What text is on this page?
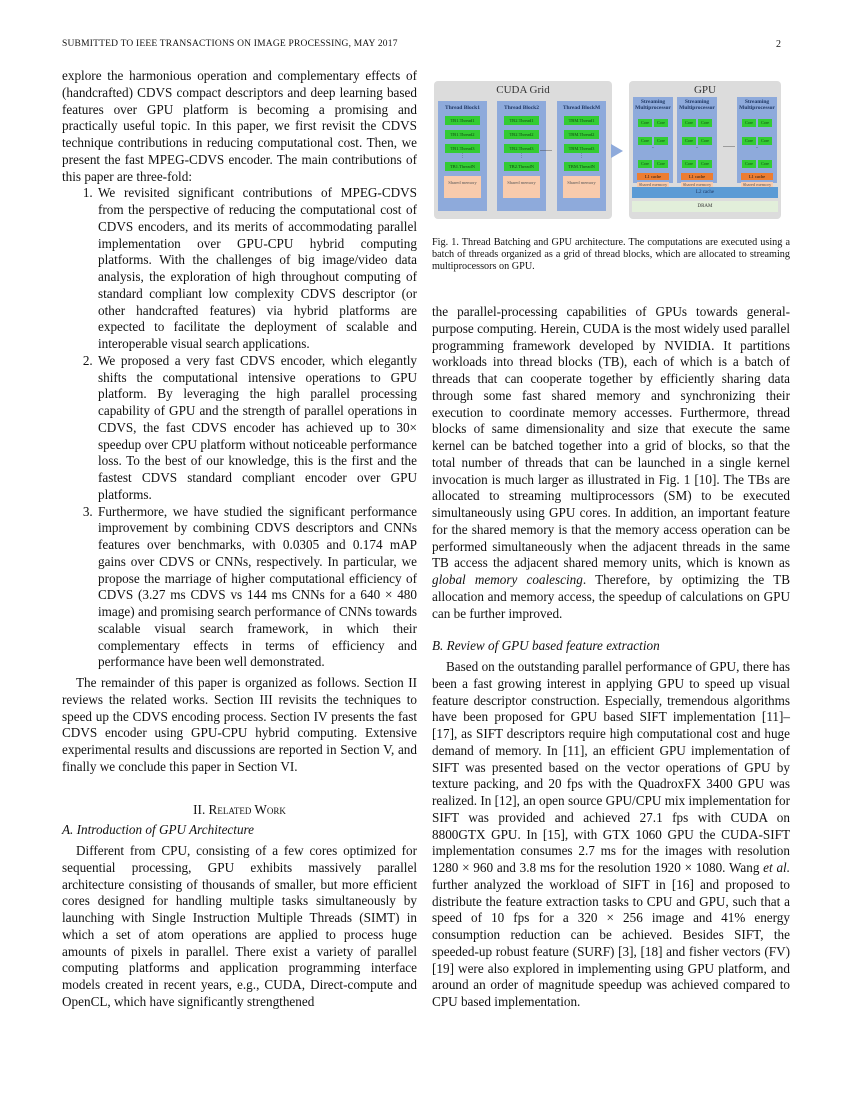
SUBMITTED TO IEEE TRANSACTIONS ON IMAGE PROCESSING, MAY 2017	2

explore the harmonious operation and complementary effects of (handcrafted) CDVS compact descriptors and deep learning based features over GPU platform is becoming a promising and practically useful topic. In this paper, we first revisit the CDVS technique contributions in reducing computational cost. Then, we present the fast MPEG-CDVS encoder. The main contributions of this paper are three-fold:

1. We revisited significant contributions of MPEG-CDVS from the perspective of reducing the computational cost of CDVS encoders, and its merits of accommodating parallel implementation over GPU-CPU hybrid computing platforms. With the challenges of big image/video data analysis, the exploration of high throughout computing of standard compliant low complexity CDVS descriptor (or other handcrafted features) via hybrid platforms are expected to facilitate the deployment of scalable and interoperable visual search applications.
2. We proposed a very fast CDVS encoder, which elegantly shifts the computational intensive operations to GPU platform. By leveraging the high parallel processing capability of GPU and the strength of parallel operations in CDVS, the fast CDVS encoder has achieved up to 30× speedup over CPU platform without noticeable performance loss. To the best of our knowledge, this is the first and the fastest CDVS standard compliant encoder over GPU platforms.
3. Furthermore, we have studied the significant performance improvement by combining CDVS descriptors and CNNs features over benchmarks, with 0.0305 and 0.174 mAP gains over CDVS or CNNs, respectively. In particular, we propose the marriage of higher computational efficiency of CDVS (3.27 ms CDVS vs 144 ms CNNs for a 640 × 480 image) and promising search performance of CNNs towards scalable visual search framework, in which their complementary effects in terms of efficiency and performance have been well demonstrated.

The remainder of this paper is organized as follows. Section II reviews the related works. Section III revisits the techniques to speed up the CDVS encoding process. Section IV presents the fast CDVS encoder using GPU-CPU hybrid computing. Extensive experimental results and discussions are reported in Section V, and finally we conclude this paper in Section VI.

II. Related Work
A. Introduction of GPU Architecture

Different from CPU, consisting of a few cores optimized for sequential processing, GPU exhibits massively parallel architecture consisting of thousands of smaller, but more efficient cores designed for handling multiple tasks simultaneously by launching with Single Instruction Multiple Threads (SIMT) in which a set of atom operations are applied to process huge amounts of pixels in parallel. There exist a variety of parallel computing platforms and application programming interface models created in recent years, e.g., CUDA, Direct-compute and OpenCL, which have significantly strengthened

CUDA Grid
Thread Block1
TB1.Thread1
TB1.Thread2
TB1.Thread3
⋮
TB1.ThreadN
Shared memory
Thread Block2
TB2.Thread1
TB2.Thread2
TB2.Thread3
⋮
TB2.ThreadN
Shared memory
Thread BlockM
TBM.Thread1
TBM.Thread2
TBM.Thread3
⋮
TBM.ThreadN
Shared memory
......
GPU
Streaming Multiprocessor
Core CoreCore Core
-
Core Core
L1 cache
Shared memory
Streaming Multiprocessor
Core CoreCore Core
-
Core Core
L1 cache
Shared memory
Streaming Multiprocessor
Core CoreCore Core
-
Core Core
L1 cache
Shared memory
......
L2 cache
DRAM
Fig. 1. Thread Batching and GPU architecture. The computations are executed using a batch of threads organized as a grid of thread blocks, which are allocated to streaming multiprocessors on GPU.

the parallel-processing capabilities of GPUs towards general-purpose computing. Herein, CUDA is the most widely used parallel programming framework developed by NVIDIA. It partitions workloads into thread blocks (TB), each of which is a batch of threads that can cooperate together by efficiently sharing data through some fast shared memory and synchronizing their execution to coordinate memory accesses. Furthermore, thread blocks of same dimensionality and size that execute the same kernel can be batched together into a grid of blocks, so that the total number of threads that can be launched in a single kernel invocation is much larger as illustrated in Fig. 1 [10]. The TBs are allocated to streaming multiprocessors (SM) to be executed simultaneously using GPU cores. In addition, an important feature for the shared memory is that the memory access operation can be performed simultaneously when the adjacent threads in the same TB access the adjacent shared memory units, which is known as global memory coalescing. Therefore, by optimizing the TB allocation and memory access, the speedup of calculations on GPU can be further improved.

B. Review of GPU based feature extraction

Based on the outstanding parallel performance of GPU, there has been a fast growing interest in applying GPU to speed up visual feature descriptor construction. Especially, tremendous algorithms have been proposed for GPU based SIFT implementation [11]–[17], as SIFT descriptors require high computational cost and huge demand of memory. In [11], an efficient GPU implementation of SIFT was presented based on the vector operations of GPU by texture packing, and 20 fps with the QuadroxFX 3400 GPU was realized. In [12], an open source GPU/CPU mix implementation for SIFT was provided and achieved 27.1 fps with CUDA on 8800GTX GPU. In [15], with GTX 1060 GPU the CUDA-SIFT implementation consumes 2.7 ms for the images with resolution 1280 × 960 and 3.8 ms for the resolution 1920 × 1080. Wang et al. further analyzed the workload of SIFT in [16] and proposed to distribute the feature extraction tasks to CPU and GPU, such that a speed of 10 fps for a 320 × 256 image and 41% energy consumption reduction can be achieved. Besides SIFT, the speeded-up robust feature (SURF) [3], [18] and fisher vectors (FV) [19] were also explored in implementing using GPU platform, and around an order of magnitude speedup was achieved compared to CPU based implementation.
